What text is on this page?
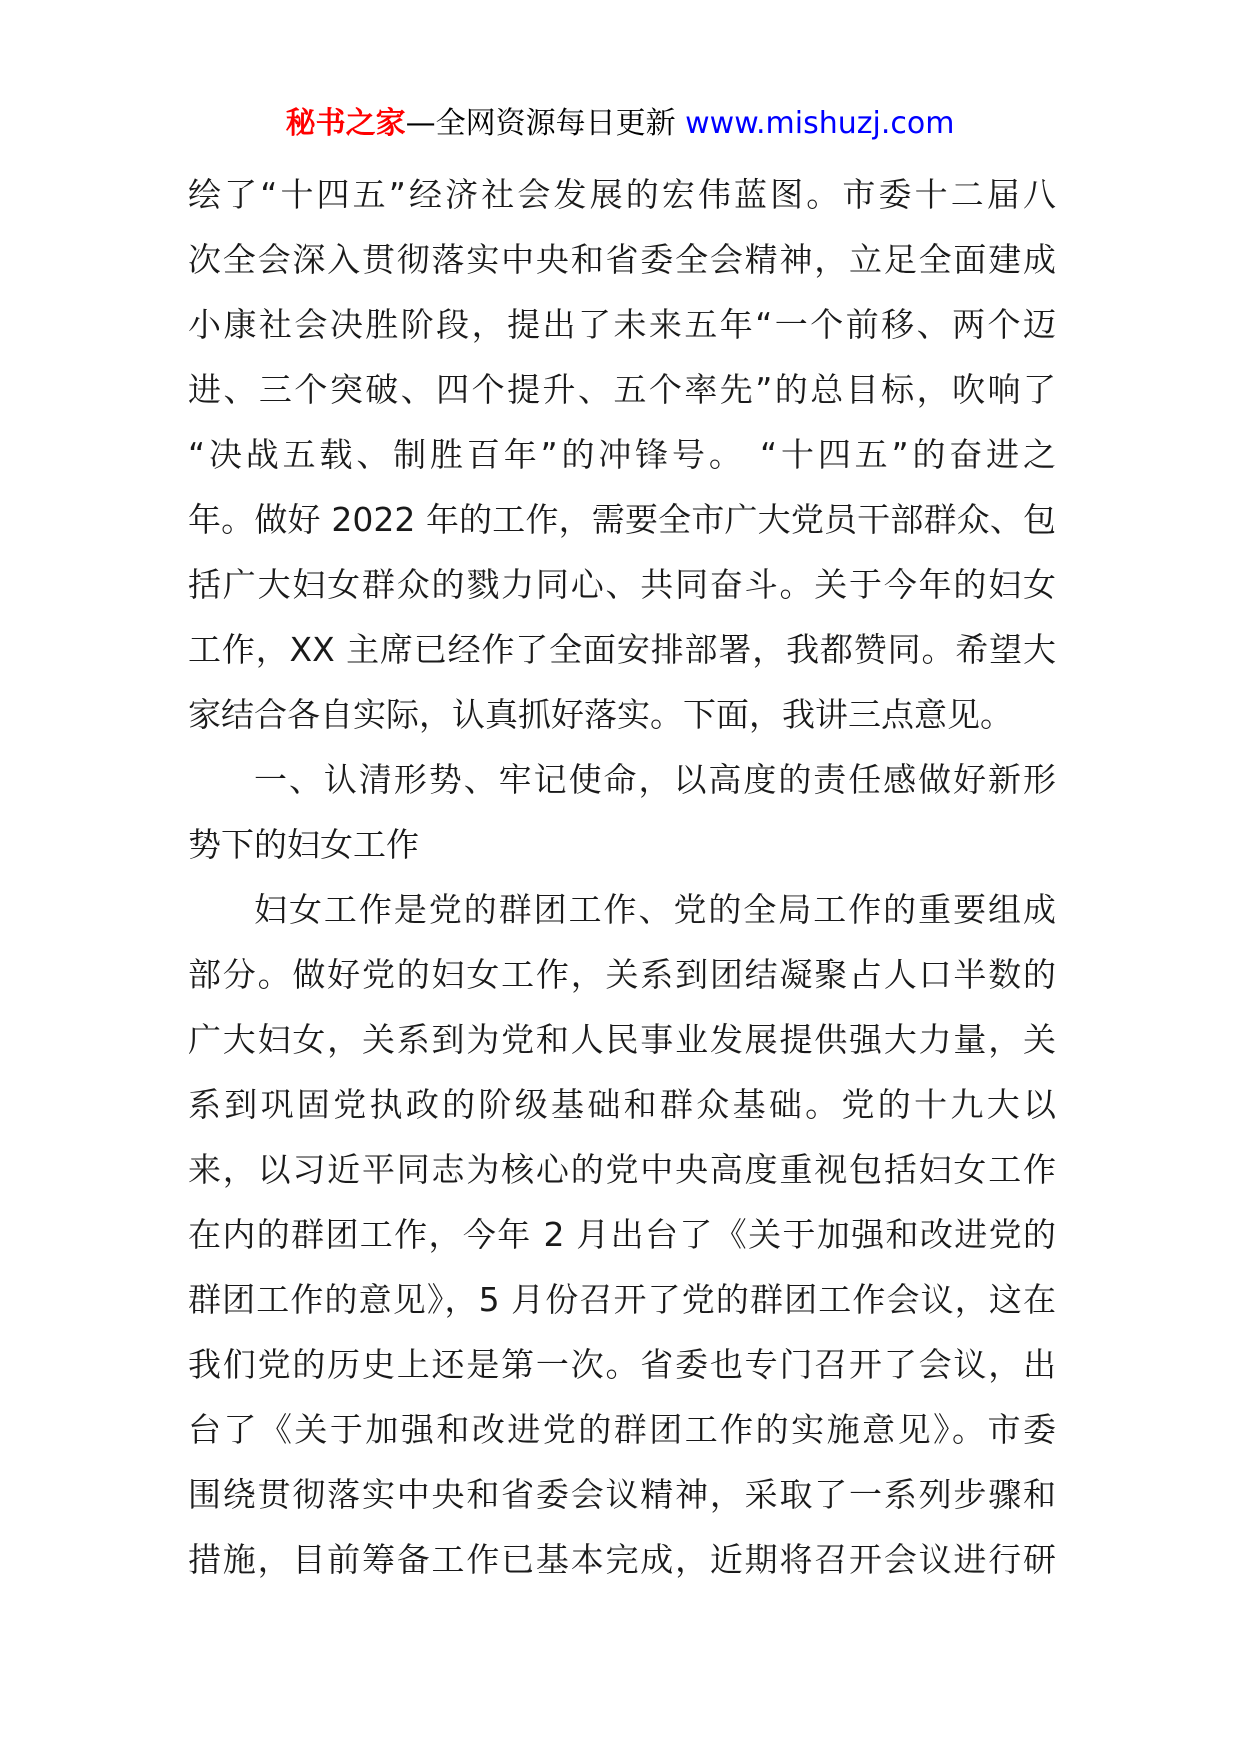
秘书之家—全网资源每日更新 www.mishuzj.com
绘了“十四五”经济社会发展的宏伟蓝图。市委十二届八
次全会深入贯彻落实中央和省委全会精神，立足全面建成
小康社会决胜阶段，提出了未来五年“一个前移、两个迈
进、三个突破、四个提升、五个率先”的总目标，吹响了
“决战五载、制胜百年”的冲锋号。 “十四五”的奋进之
年。做好 2022 年的工作，需要全市广大党员干部群众、包
括广大妇女群众的戮力同心、共同奋斗。关于今年的妇女
工作，XX 主席已经作了全面安排部署，我都赞同。希望大
家结合各自实际，认真抓好落实。下面，我讲三点意见。
一、认清形势、牢记使命，以高度的责任感做好新形
势下的妇女工作
妇女工作是党的群团工作、党的全局工作的重要组成
部分。做好党的妇女工作，关系到团结凝聚占人口半数的
广大妇女，关系到为党和人民事业发展提供强大力量，关
系到巩固党执政的阶级基础和群众基础。党的十九大以
来，以习近平同志为核心的党中央高度重视包括妇女工作
在内的群团工作，今年 2 月出台了《关于加强和改进党的
群团工作的意见》，5 月份召开了党的群团工作会议，这在
我们党的历史上还是第一次。省委也专门召开了会议，出
台了《关于加强和改进党的群团工作的实施意见》。市委
围绕贯彻落实中央和省委会议精神，采取了一系列步骤和
措施，目前筹备工作已基本完成，近期将召开会议进行研
